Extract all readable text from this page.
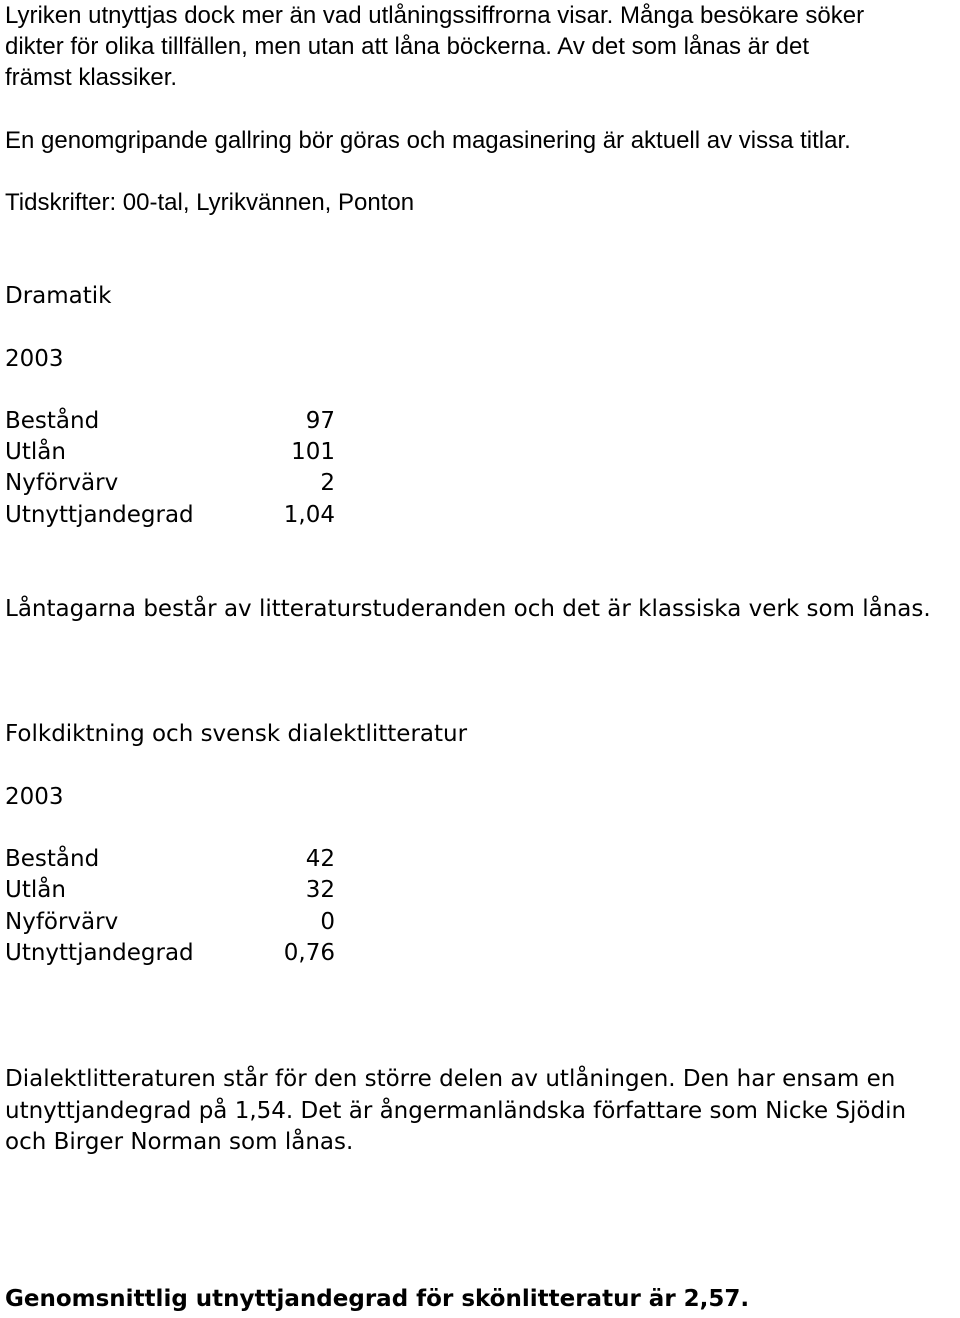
Lyriken utnyttjas dock mer än vad utlåningssiffrorna visar. Många besökare söker
dikter för olika tillfällen, men utan att låna böckerna. Av det som lånas är det
främst klassiker.
En genomgripande gallring bör göras och magasinering är aktuell av vissa titlar.
Tidskrifter: 00-tal, Lyrikvännen, Ponton
Dramatik
2003
Bestånd	97
Utlån	101
Nyförvärv	2
Utnyttjandegrad	1,04
Låntagarna består av litteraturstuderanden och det är klassiska verk som lånas.
Folkdiktning och svensk dialektlitteratur
2003
Bestånd	42
Utlån	32
Nyförvärv	0
Utnyttjandegrad	0,76
Dialektlitteraturen står för den större delen av utlåningen. Den har ensam en
utnyttjandegrad på 1,54. Det är ångermanländska författare som Nicke Sjödin
och Birger Norman som lånas.
Genomsnittlig utnyttjandegrad för skönlitteratur är 2,57.
